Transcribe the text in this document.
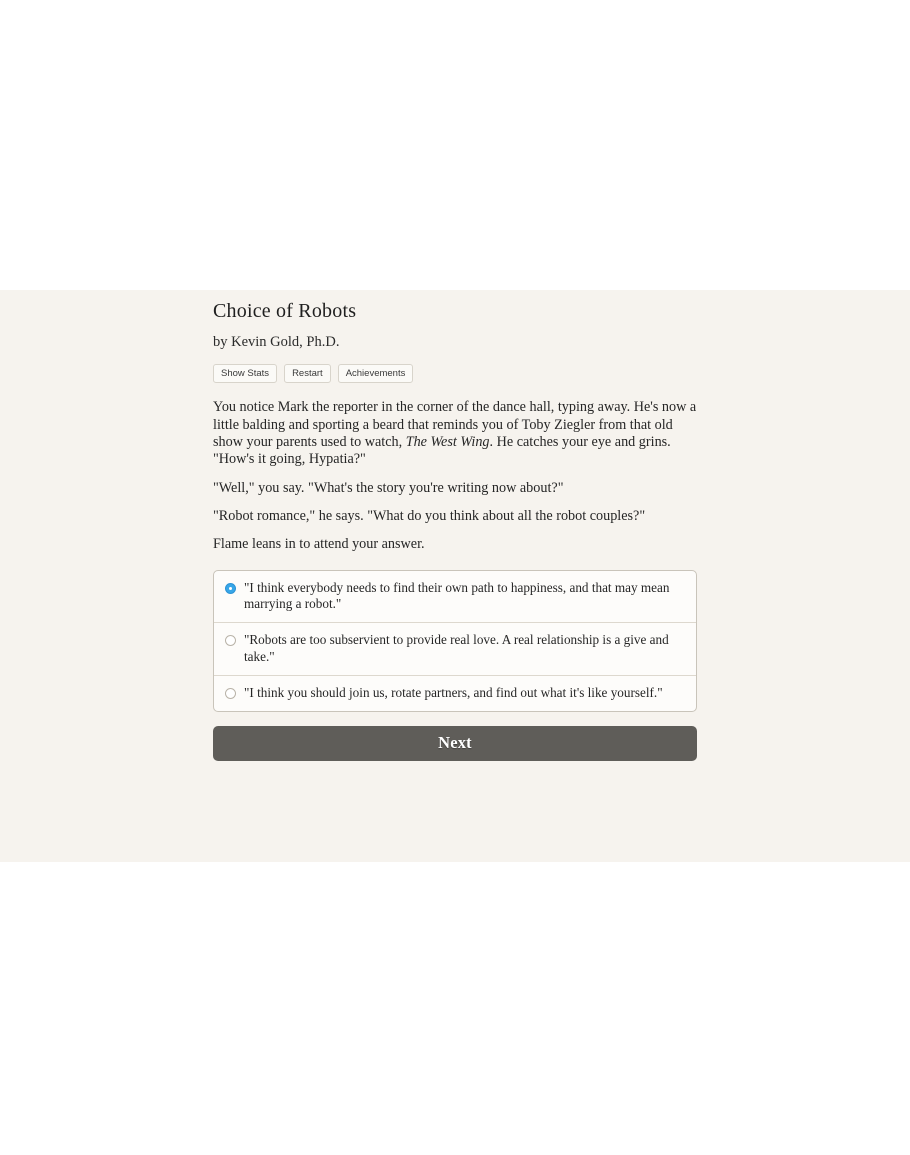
Choice of Robots
by Kevin Gold, Ph.D.
Show Stats	Restart	Achievements

You notice Mark the reporter in the corner of the dance hall, typing away. He's now a little balding and sporting a beard that reminds you of Toby Ziegler from that old show your parents used to watch, The West Wing. He catches your eye and grins. "How's it going, Hypatia?"

"Well," you say. "What's the story you're writing now about?"

"Robot romance," he says. "What do you think about all the robot couples?"

Flame leans in to attend your answer.

"I think everybody needs to find their own path to happiness, and that may mean marrying a robot."
"Robots are too subservient to provide real love. A real relationship is a give and take."
"I think you should join us, rotate partners, and find out what it's like yourself."
Next
